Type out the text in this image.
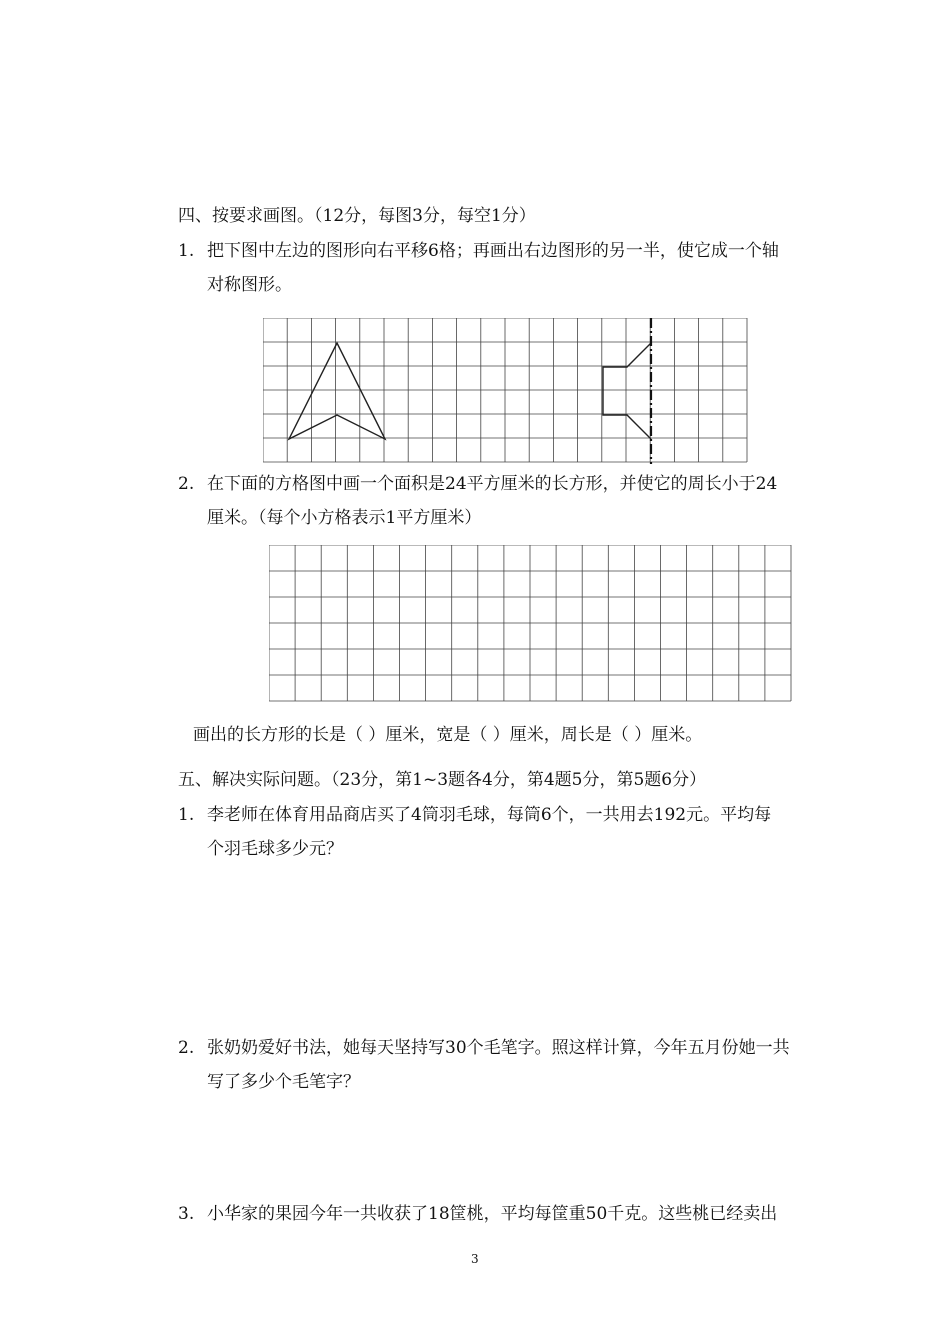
四、按要求画图。（12分，每图3分，每空1分）
1. 把下图中左边的图形向右平移6格；再画出右边图形的另一半，使它成一个轴
对称图形。
2. 在下面的方格图中画一个面积是24平方厘米的长方形，并使它的周长小于24
厘米。（每个小方格表示1平方厘米）
画出的长方形的长是（ ）厘米，宽是（ ）厘米，周长是（ ）厘米。
五、解决实际问题。（23分，第1~3题各4分，第4题5分，第5题6分）
1. 李老师在体育用品商店买了4筒羽毛球，每筒6个，一共用去192元。平均每
个羽毛球多少元？
2. 张奶奶爱好书法，她每天坚持写30个毛笔字。照这样计算，今年五月份她一共
写了多少个毛笔字？
3. 小华家的果园今年一共收获了18筐桃，平均每筐重50千克。这些桃已经卖出
3
